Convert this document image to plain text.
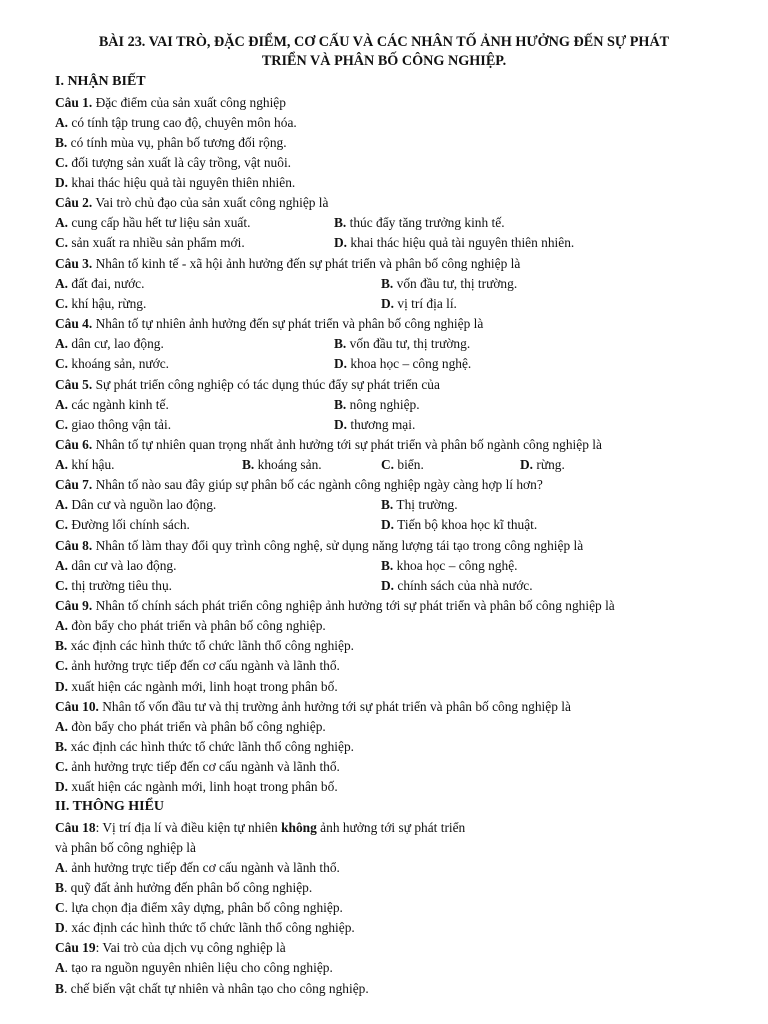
BÀI 23. VAI TRÒ, ĐẶC ĐIỂM, CƠ CẤU VÀ CÁC NHÂN TỐ ẢNH HƯỞNG ĐẾN SỰ PHÁT
TRIỂN VÀ PHÂN BỐ CÔNG NGHIỆP.
I. NHẬN BIẾT
Câu 1. Đặc điểm của sản xuất công nghiệp
A. có tính tập trung cao độ, chuyên môn hóa.
B. có tính mùa vụ, phân bố tương đối rộng.
C. đối tượng sản xuất là cây trồng, vật nuôi.
D. khai thác hiệu quả tài nguyên thiên nhiên.
Câu 2. Vai trò chủ đạo của sản xuất công nghiệp là
A. cung cấp hầu hết tư liệu sản xuất.	B. thúc đẩy tăng trưởng kinh tế.
C. sản xuất ra nhiều sản phẩm mới.	D. khai thác hiệu quả tài nguyên thiên nhiên.
Câu 3. Nhân tố kinh tế - xã hội ảnh hưởng đến sự phát triển và phân bố công nghiệp là
A. đất đai, nước.	B. vốn đầu tư, thị trường.
C. khí hậu, rừng.	D. vị trí địa lí.
Câu 4. Nhân tố tự nhiên ảnh hưởng đến sự phát triển và phân bố công nghiệp là
A. dân cư, lao động.	B. vốn đầu tư, thị trường.
C. khoáng sản, nước.	D. khoa học – công nghệ.
Câu 5. Sự phát triển công nghiệp có tác dụng thúc đẩy sự phát triển của
A. các ngành kinh tế.	B. nông nghiệp.
C. giao thông vận tải.	D. thương mại.
Câu 6. Nhân tố tự nhiên quan trọng nhất ảnh hưởng tới sự phát triển và phân bố ngành công nghiệp là
A. khí hậu.	B. khoáng sản.	C. biển.	D. rừng.
Câu 7. Nhân tố nào sau đây giúp sự phân bố các ngành công nghiệp ngày càng hợp lí hơn?
A. Dân cư và nguồn lao động.	B. Thị trường.
C. Đường lối chính sách.	D. Tiến bộ khoa học kĩ thuật.
Câu 8. Nhân tố làm thay đổi quy trình công nghệ, sử dụng năng lượng tái tạo trong công nghiệp là
A. dân cư và lao động.	B. khoa học – công nghệ.
C. thị trường tiêu thụ.	D. chính sách của nhà nước.
Câu 9. Nhân tố chính sách phát triển công nghiệp ảnh hưởng tới sự phát triển và phân bố công nghiệp là
A. đòn bẩy cho phát triển và phân bố công nghiệp.
B. xác định các hình thức tổ chức lãnh thổ công nghiệp.
C. ảnh hưởng trực tiếp đến cơ cấu ngành và lãnh thổ.
D. xuất hiện các ngành mới, linh hoạt trong phân bố.
Câu 10. Nhân tố vốn đầu tư và thị trường ảnh hưởng tới sự phát triển và phân bố công nghiệp là
A. đòn bẩy cho phát triển và phân bố công nghiệp.
B. xác định các hình thức tổ chức lãnh thổ công nghiệp.
C. ảnh hưởng trực tiếp đến cơ cấu ngành và lãnh thổ.
D. xuất hiện các ngành mới, linh hoạt trong phân bố.
II. THÔNG HIỂU
Câu 18: Vị trí địa lí và điều kiện tự nhiên không ảnh hưởng tới sự phát triển
và phân bố công nghiệp là
A. ảnh hưởng trực tiếp đến cơ cấu ngành và lãnh thổ.
B. quỹ đất ảnh hưởng đến phân bố công nghiệp.
C. lựa chọn địa điểm xây dựng, phân bố công nghiệp.
D. xác định các hình thức tổ chức lãnh thổ công nghiệp.
Câu 19: Vai trò của dịch vụ công nghiệp là
A. tạo ra nguồn nguyên nhiên liệu cho công nghiệp.
B. chế biến vật chất tự nhiên và nhân tạo cho công nghiệp.
